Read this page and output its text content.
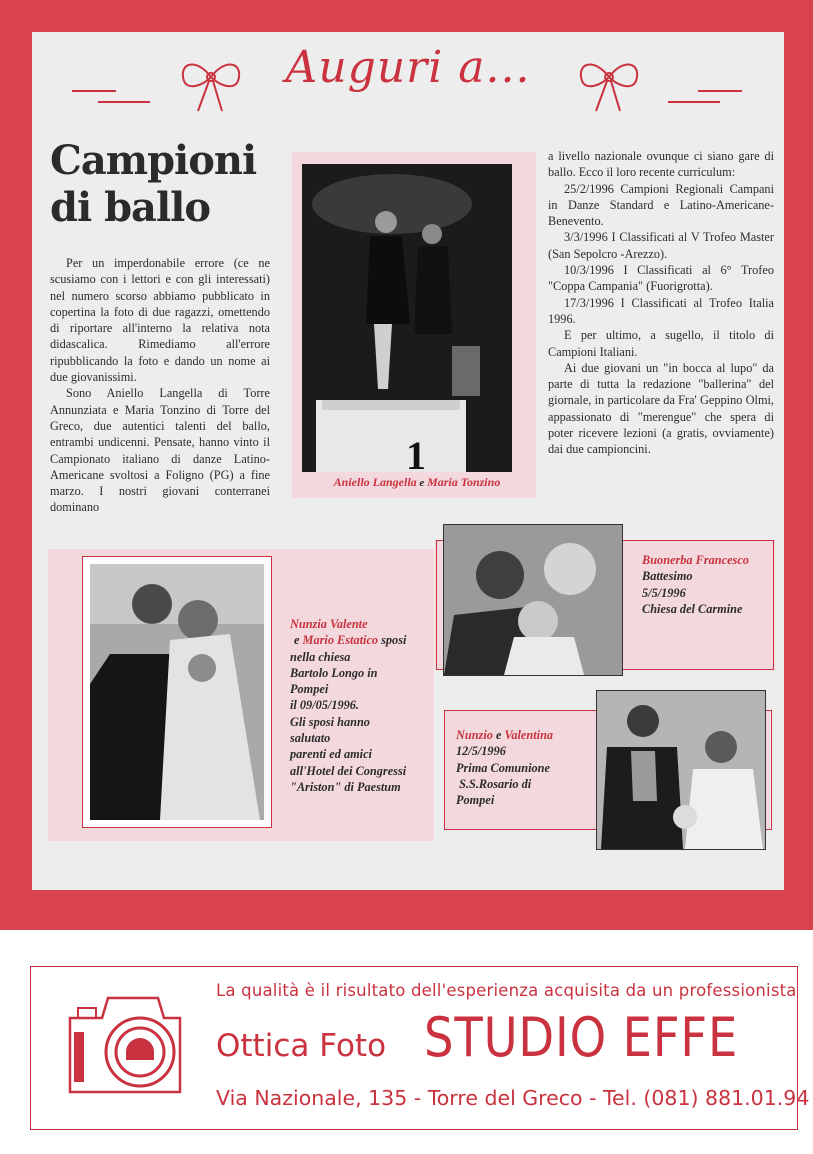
Auguri a...
Campioni
di ballo

Per un imperdonabile errore (ce ne scusiamo con i lettori e con gli interessati) nel numero scorso abbiamo pubblicato in copertina la foto di due ragazzi, omettendo di riportare all'interno la relativa nota didascalica. Rimediamo all'errore ripubblicando la foto e dando un nome ai due giovanissimi.

Sono Aniello Langella di Torre Annunziata e Maria Tonzino di Torre del Greco, due autentici talenti del ballo, entrambi undicenni. Pensate, hanno vinto il Campionato italiano di danze Latino-Americane svoltosi a Foligno (PG) a fine marzo. I nostri giovani conterranei dominano

1
Aniello Langella e Maria Tonzino

a livello nazionale ovunque ci siano gare di ballo. Ecco il loro recente curriculum:

25/2/1996 Campioni Regionali Campani in Danze Standard e Latino-Americane- Benevento.

3/3/1996 I Classificati al V Trofeo Master (San Sepolcro -Arezzo).

10/3/1996 I Classificati al 6° Trofeo "Coppa Campania" (Fuorigrotta).

17/3/1996 I Classificati al Trofeo Italia 1996.

E per ultimo, a sugello, il titolo di Campioni Italiani.

Ai due giovani un "in bocca al lupo" da parte di tutta la redazione "ballerina" del giornale, in particolare da Fra' Geppino Olmi, appassionato di "merengue" che spera di poter ricevere lezioni (a gratis, ovviamente) dai due campioncini.

Nunzia Valente
e Mario Estatico sposi
nella chiesa
Bartolo Longo in
Pompei
il 09/05/1996.
Gli sposi hanno
salutato
parenti ed amici
all'Hotel dei Congressi
"Ariston" di Paestum
Buonerba Francesco
Battesimo
5/5/1996
Chiesa del Carmine
Nunzio e Valentina
12/5/1996
Prima Comunione
S.S.Rosario di
Pompei
La qualità è il risultato dell'esperienza acquisita da un professionista
Ottica Foto STUDIO EFFE
Via Nazionale, 135 - Torre del Greco - Tel. (081) 881.01.94
